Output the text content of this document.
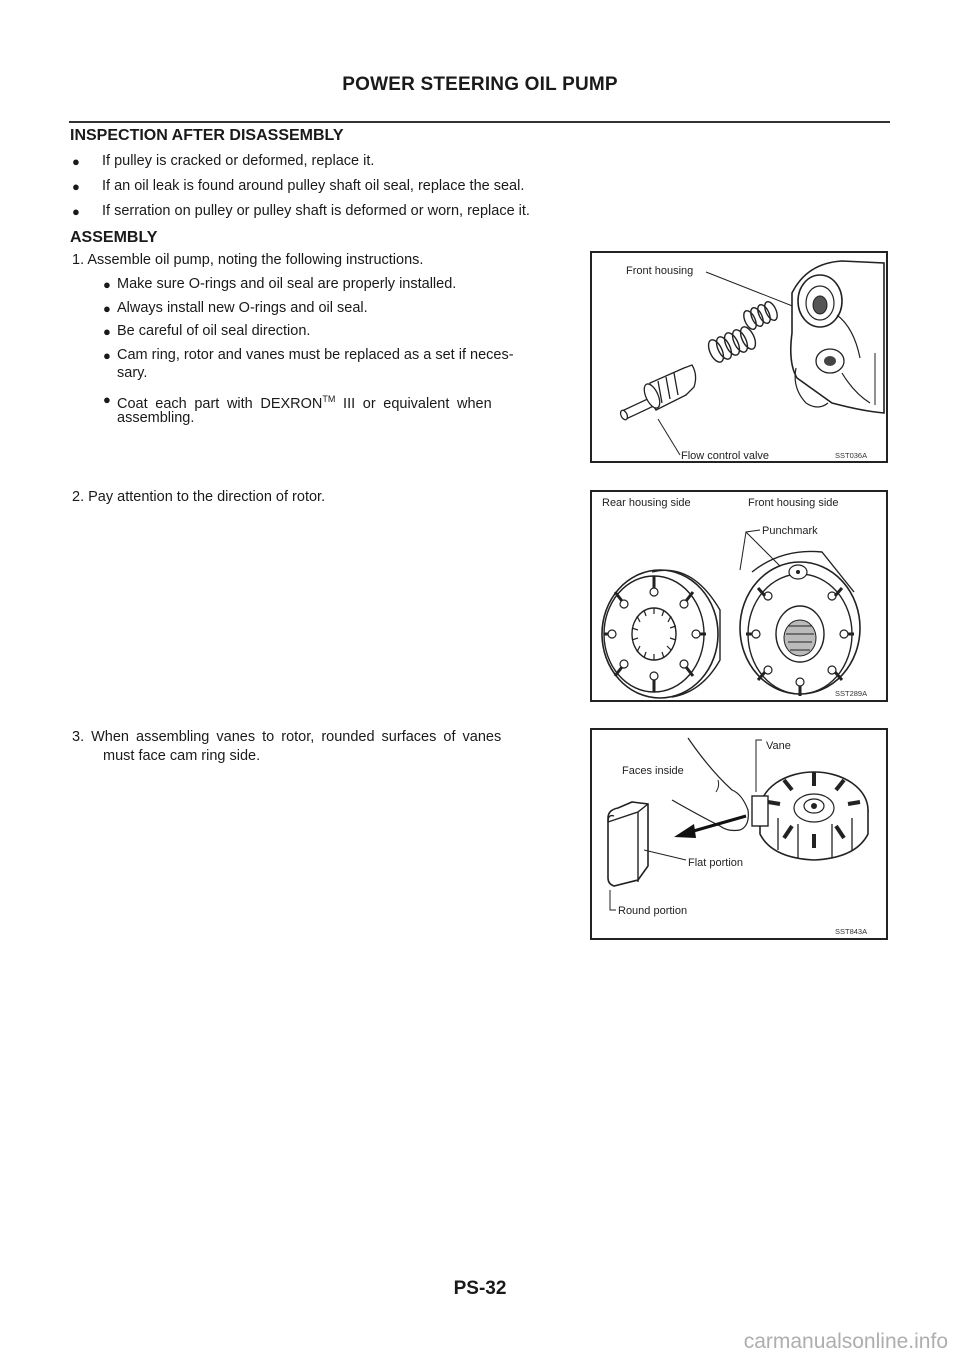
POWER STEERING OIL PUMP
INSPECTION AFTER DISASSEMBLY
● If pulley is cracked or deformed, replace it.
● If an oil leak is found around pulley shaft oil seal, replace the seal.
● If serration on pulley or pulley shaft is deformed or worn, replace it.
ASSEMBLY
1. Assemble oil pump, noting the following instructions.
● Make sure O-rings and oil seal are properly installed.
● Always install new O-rings and oil seal.
● Be careful of oil seal direction.
● Cam ring, rotor and vanes must be replaced as a set if neces-
sary.
● Coat each part with DEXRON™ III or equivalent when
assembling.
2. Pay attention to the direction of rotor.
3. When assembling vanes to rotor, rounded surfaces of vanes
must face cam ring side.
Front housing
Flow control valve	SST036A
Rear housing side	Front housing side
Punchmark
SST289A
Vane
Faces inside
Flat portion
Round portion
SST843A
PS-32
carmanualsonline.info
